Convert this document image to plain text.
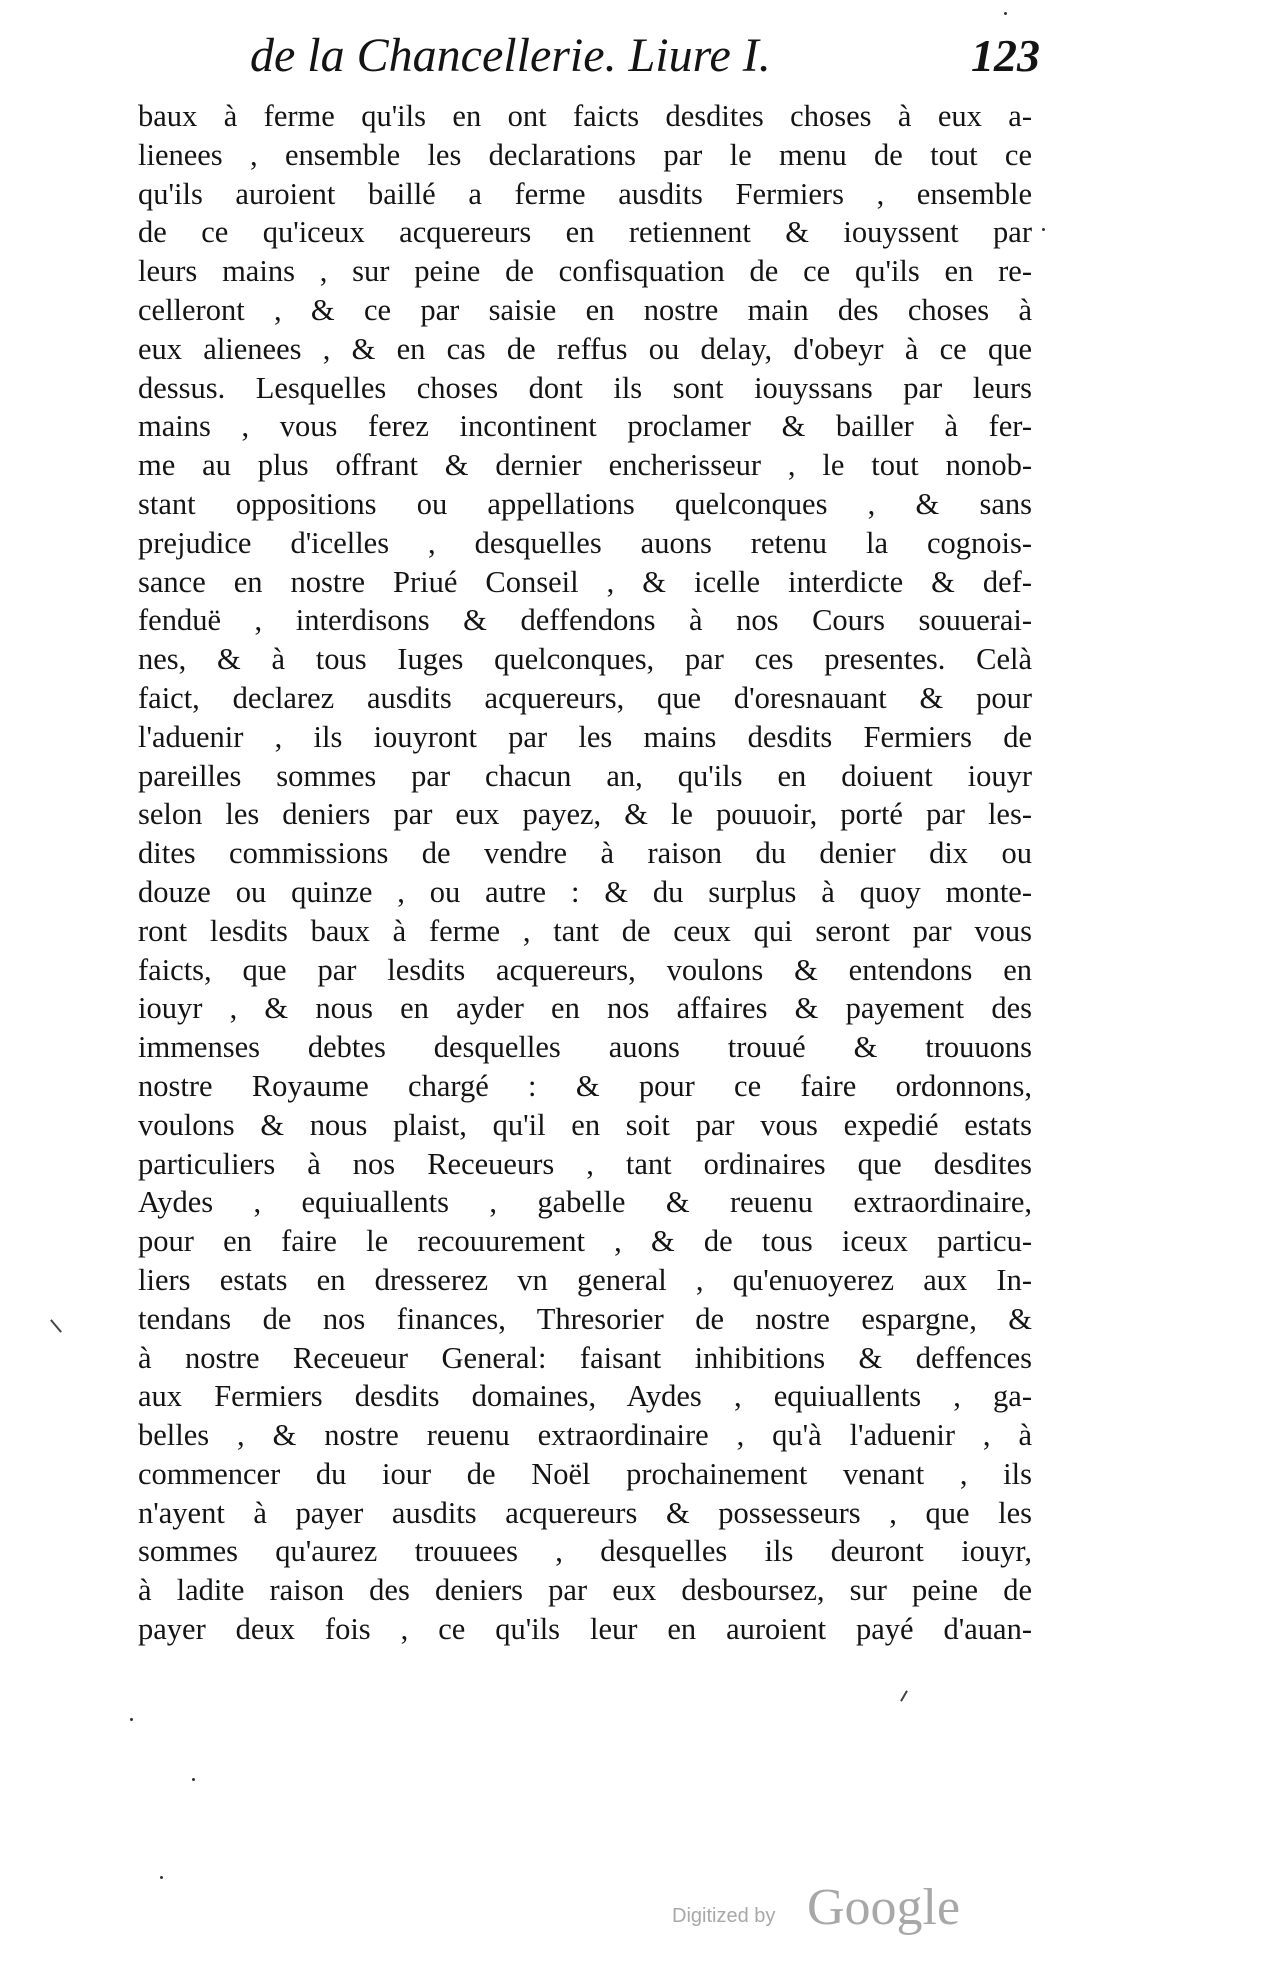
de la Chancellerie. Liure I.	123
baux à ferme qu'ils en ont faicts desdites choses à eux a-
lienees , ensemble les declarations par le menu de tout ce
qu'ils auroient baillé a ferme ausdits Fermiers , ensemble
de ce qu'iceux acquereurs en retiennent & iouyssent par
leurs mains , sur peine de confisquation de ce qu'ils en re-
celleront , & ce par saisie en nostre main des choses à
eux alienees , & en cas de reffus ou delay, d'obeyr à ce que
dessus. Lesquelles choses dont ils sont iouyssans par leurs
mains , vous ferez incontinent proclamer & bailler à fer-
me au plus offrant & dernier encherisseur , le tout nonob-
stant oppositions ou appellations quelconques , & sans
prejudice d'icelles , desquelles auons retenu la cognois-
sance en nostre Priué Conseil , & icelle interdicte & def-
fenduë , interdisons & deffendons à nos Cours souuerai-
nes, & à tous Iuges quelconques, par ces presentes. Celà
faict, declarez ausdits acquereurs, que d'oresnauant & pour
l'aduenir , ils iouyront par les mains desdits Fermiers de
pareilles sommes par chacun an, qu'ils en doiuent iouyr
selon les deniers par eux payez, & le pouuoir, porté par les-
dites commissions de vendre à raison du denier dix ou
douze ou quinze , ou autre : & du surplus à quoy monte-
ront lesdits baux à ferme , tant de ceux qui seront par vous
faicts, que par lesdits acquereurs, voulons & entendons en
iouyr , & nous en ayder en nos affaires & payement des
immenses debtes desquelles auons trouué & trouuons
nostre Royaume chargé : & pour ce faire ordonnons,
voulons & nous plaist, qu'il en soit par vous expedié estats
particuliers à nos Receueurs , tant ordinaires que desdites
Aydes , equiuallents , gabelle & reuenu extraordinaire,
pour en faire le recouurement , & de tous iceux particu-
liers estats en dresserez vn general , qu'enuoyerez aux In-
tendans de nos finances, Thresorier de nostre espargne, &
à nostre Receueur General: faisant inhibitions & deffences
aux Fermiers desdits domaines, Aydes , equiuallents , ga-
belles , & nostre reuenu extraordinaire , qu'à l'aduenir , à
commencer du iour de Noël prochainement venant , ils
n'ayent à payer ausdits acquereurs & possesseurs , que les
sommes qu'aurez trouuees , desquelles ils deuront iouyr,
à ladite raison des deniers par eux desboursez, sur peine de
payer deux fois , ce qu'ils leur en auroient payé d'auan-
Digitized by Google
